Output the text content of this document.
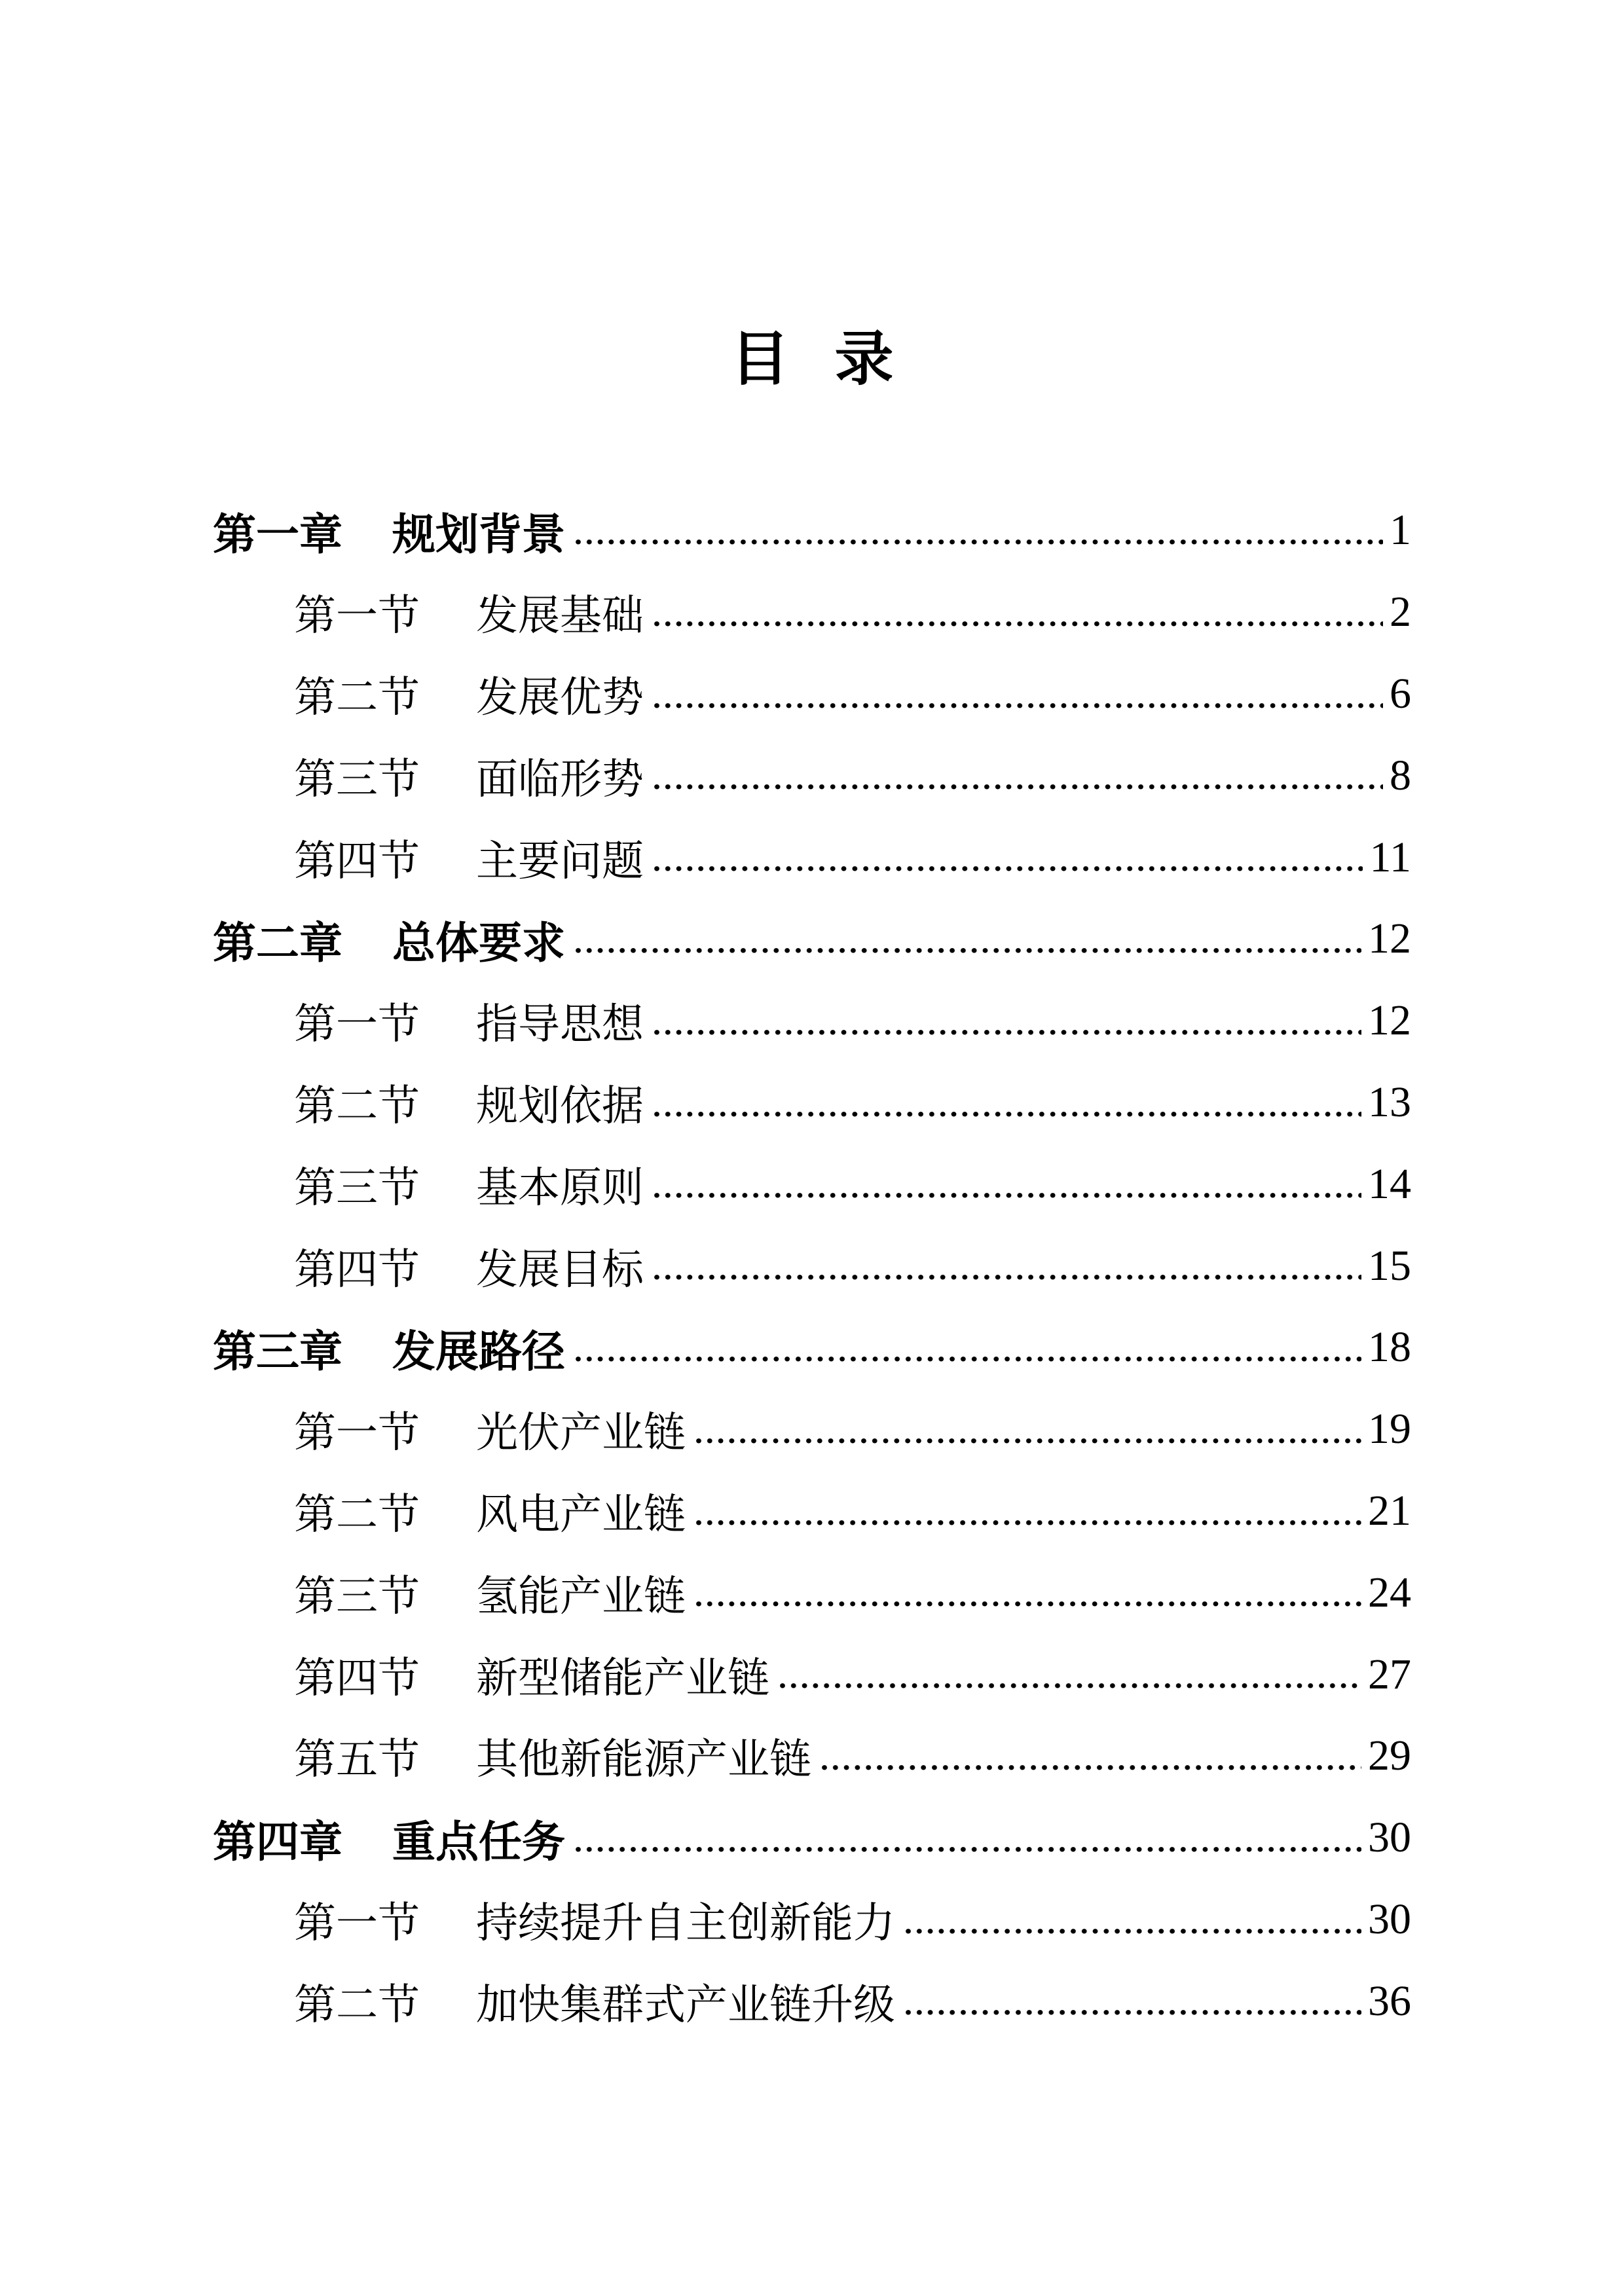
目 录
第一章 规划背景	1
第一节 发展基础	2
第二节 发展优势	6
第三节 面临形势	8
第四节 主要问题	11
第二章 总体要求	12
第一节 指导思想	12
第二节 规划依据	13
第三节 基本原则	14
第四节 发展目标	15
第三章 发展路径	18
第一节 光伏产业链	19
第二节 风电产业链	21
第三节 氢能产业链	24
第四节 新型储能产业链	27
第五节 其他新能源产业链	29
第四章 重点任务	30
第一节 持续提升自主创新能力	30
第二节 加快集群式产业链升级	36
